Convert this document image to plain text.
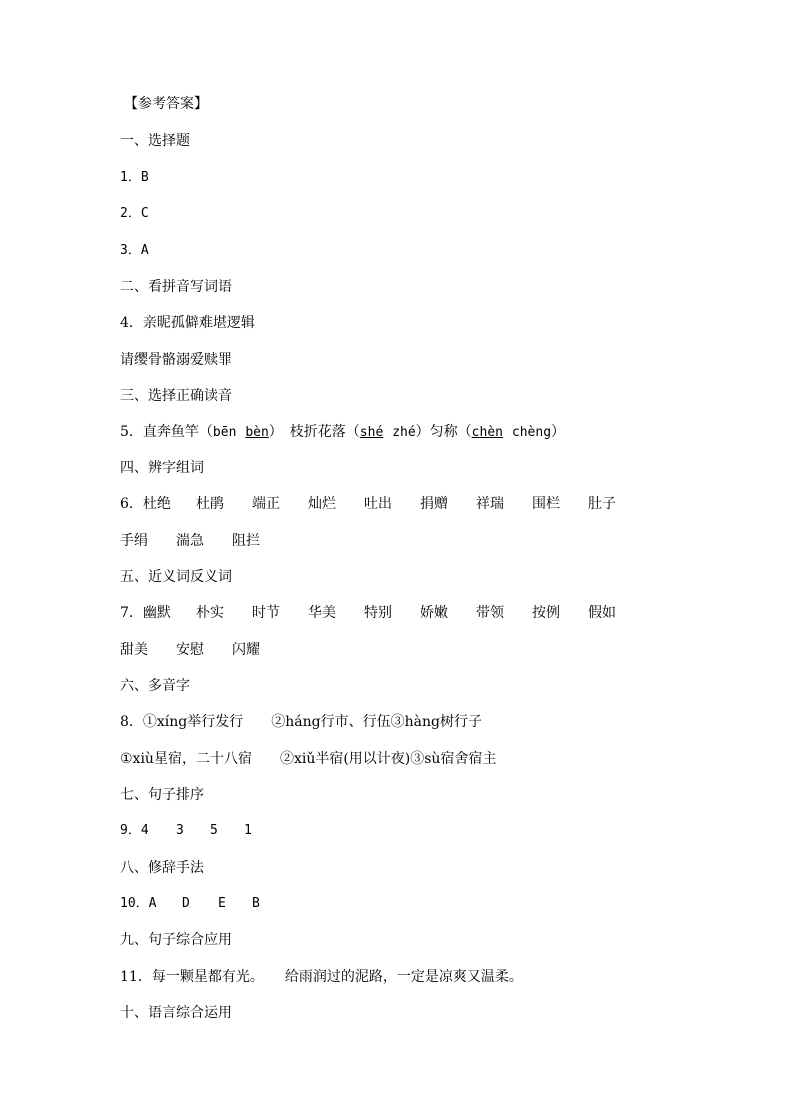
【参考答案】
一、选择题
1．B
2．C
3．A
二、看拼音写词语
4．亲昵孤僻难堪逻辑
请缨骨骼溺爱赎罪
三、选择正确读音
5．直奔鱼竿（bēn bèn）　枝折花落（shé zhé）匀称（chèn chèng）
四、辨字组词
6．杜绝 杜鹃 端正 灿烂 吐出 捐赠 祥瑞 围栏 肚子
手绢 湍急 阻拦
五、近义词反义词
7．幽默 朴实 时节 华美 特别 娇嫩 带领 按例 假如
甜美 安慰 闪耀
六、多音字
8．①xíng举行发行　　②háng行市、行伍③hàng树行子
①xiù星宿，二十八宿　　②xiǔ半宿(用以计夜)③sù宿舍宿主
七、句子排序
9．4 3 5 1
八、修辞手法
10．A D E B
九、句子综合应用
11．每一颗星都有光。　　给雨润过的泥路，一定是凉爽又温柔。
十、语言综合运用
